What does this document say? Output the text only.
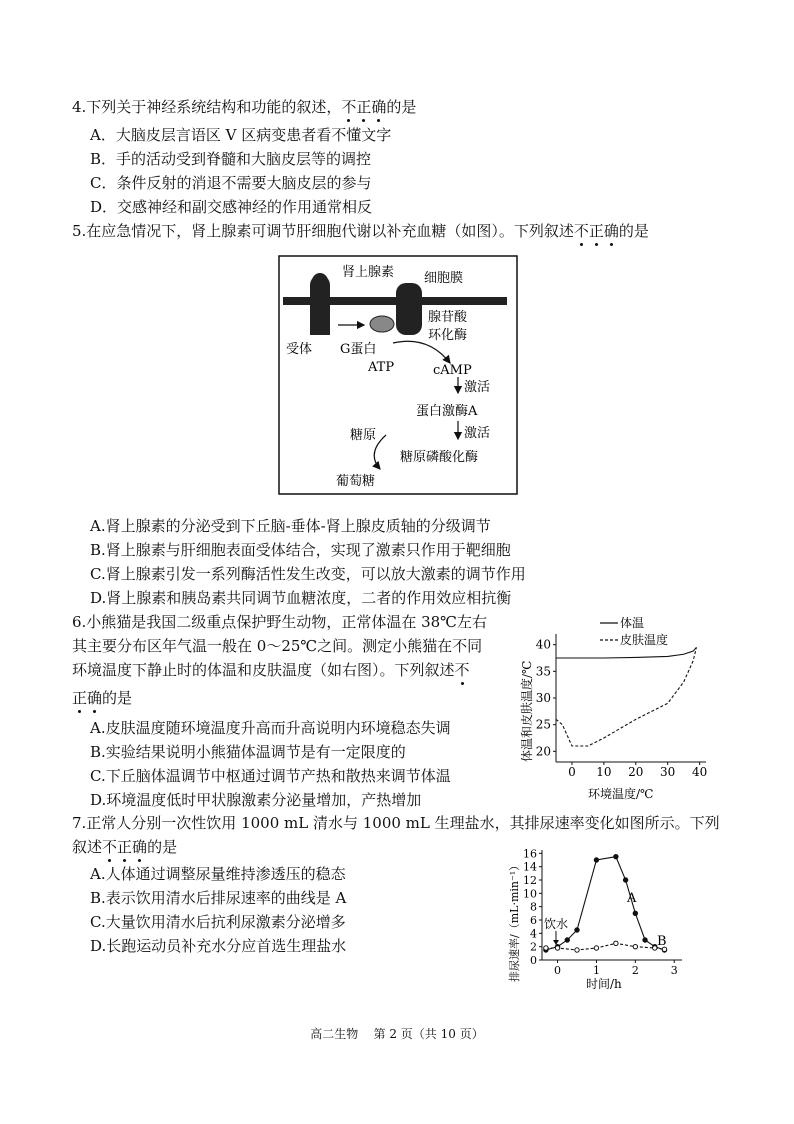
4.下列关于神经系统结构和功能的叙述，不正确的是
A．大脑皮层言语区 V 区病变患者看不懂文字
B．手的活动受到脊髓和大脑皮层等的调控
C．条件反射的消退不需要大脑皮层的参与
D．交感神经和副交感神经的作用通常相反
5.在应急情况下，肾上腺素可调节肝细胞代谢以补充血糖（如图）。下列叙述不正确的是
肾上腺素 细胞膜
腺苷酸
环化酶
受体 G蛋白
ATP	cAMP
激活
蛋白激酶A
激活
糖原
糖原磷酸化酶
葡萄糖
A.肾上腺素的分泌受到下丘脑-垂体-肾上腺皮质轴的分级调节
B.肾上腺素与肝细胞表面受体结合，实现了激素只作用于靶细胞
C.肾上腺素引发一系列酶活性发生改变，可以放大激素的调节作用
D.肾上腺素和胰岛素共同调节血糖浓度，二者的作用效应相抗衡
6.小熊猫是我国二级重点保护野生动物，正常体温在 38℃左右
其主要分布区年气温一般在 0～25℃之间。测定小熊猫在不同
环境温度下静止时的体温和皮肤温度（如右图）。下列叙述不
正确的是
A.皮肤温度随环境温度升高而升高说明内环境稳态失调
B.实验结果说明小熊猫体温调节是有一定限度的
C.下丘脑体温调节中枢通过调节产热和散热来调节体温
D.环境温度低时甲状腺激素分泌量增加，产热增加
0 10 20 30 40
20
25
30
35
40
体温
皮肤温度
环境温度/℃
体温和皮肤温度/℃
7.正常人分别一次性饮用 1000 mL 清水与 1000 mL 生理盐水，其排尿速率变化如图所示。下列
叙述不正确的是
A.人体通过调整尿量维持渗透压的稳态
B.表示饮用清水后排尿速率的曲线是 A
C.大量饮用清水后抗利尿激素分泌增多
D.长跑运动员补充水分应首选生理盐水
0	1	2	3
0
2
4
6
8
10
12
14
16
排尿速率/（mL·min⁻¹）
时间/h
饮水
A
B
高二生物 第 2 页（共 10 页）
